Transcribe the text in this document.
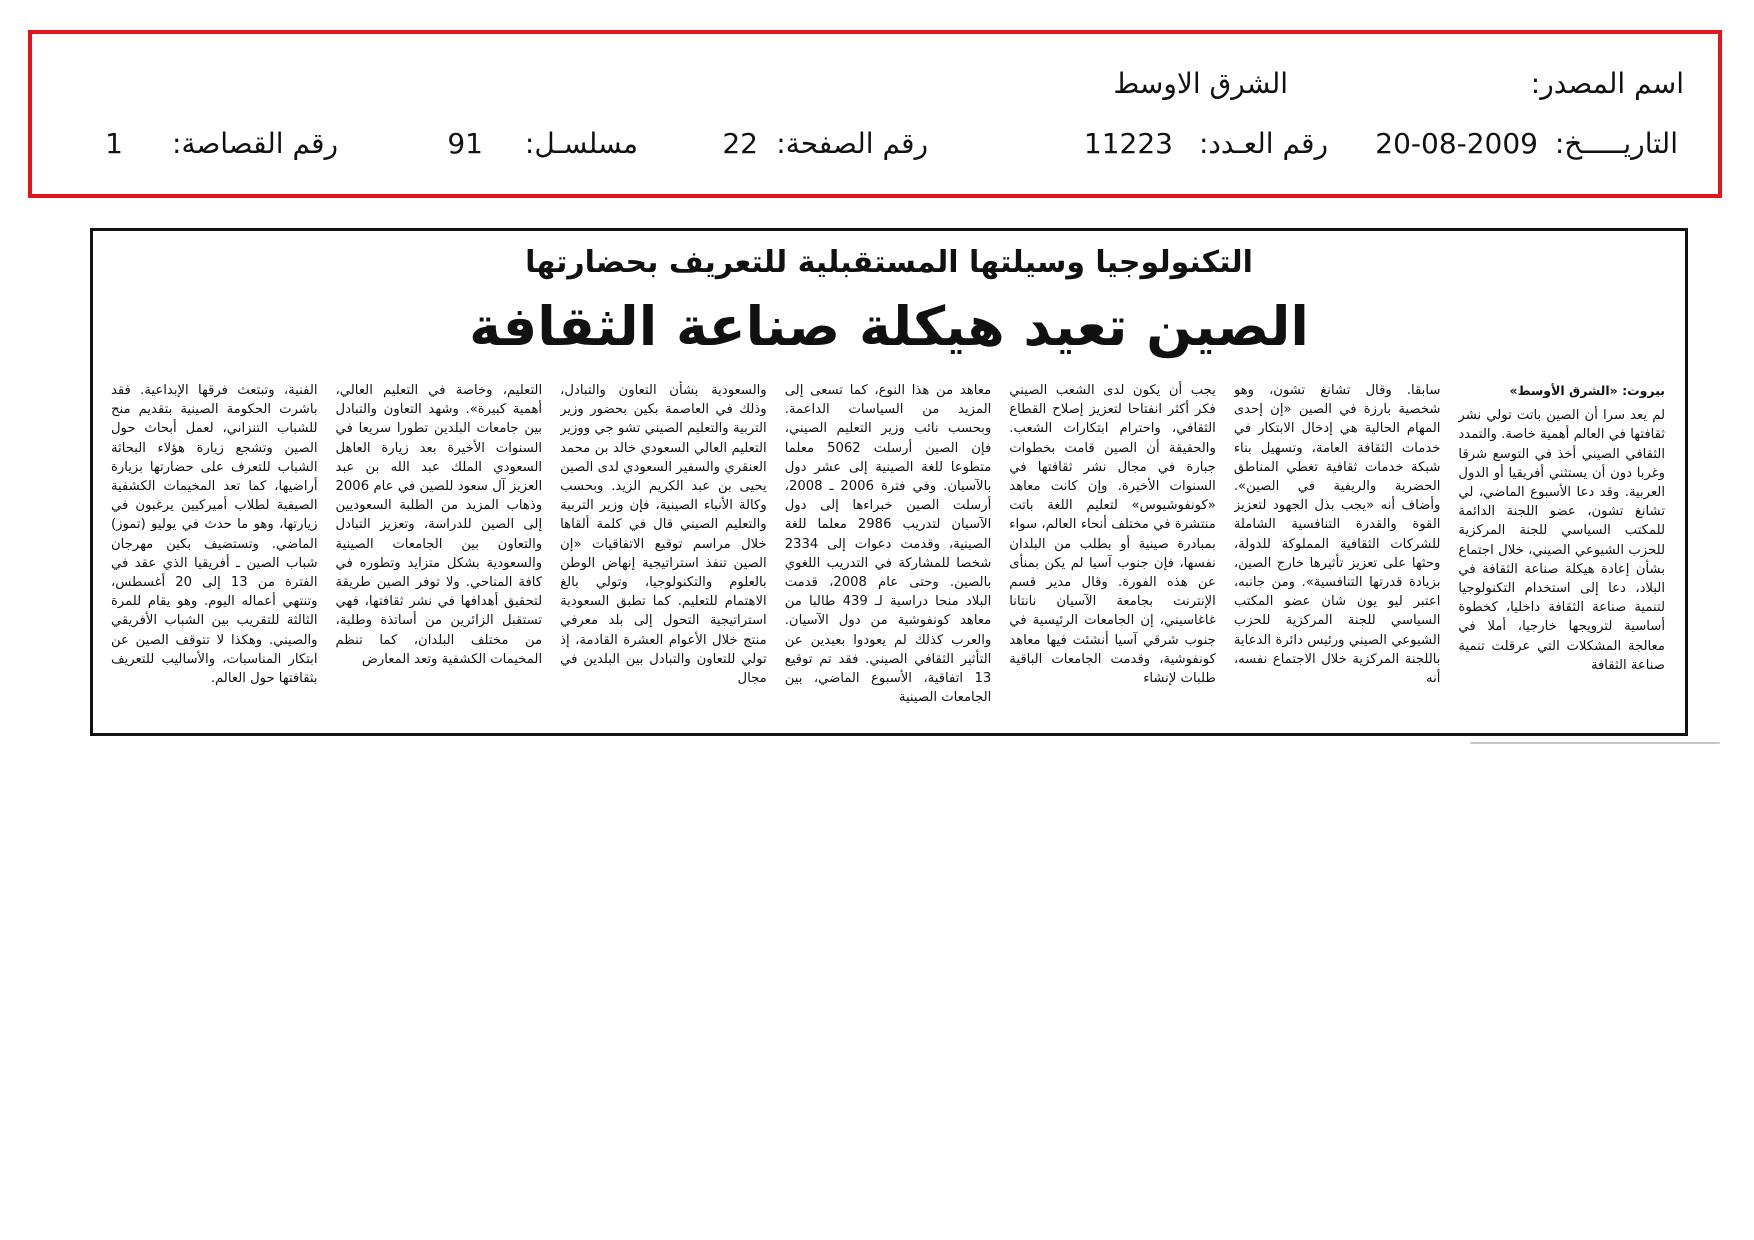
اسم المصدر:
الشرق الاوسط
التاريـــــخ:
20-08-2009
رقم العـدد:
11223
رقم الصفحة:
22
مسلسـل:
91
رقم القصاصة:
1
التكنولوجيا وسيلتها المستقبلية للتعريف بحضارتها
الصين تعيد هيكلة صناعة الثقافة
بيروت: «الشرق الأوسط»

لم يعد سرا أن الصين باتت تولي نشر ثقافتها في العالم أهمية خاصة. والتمدد الثقافي الصيني أخذ في التوسع شرقا وغربا دون أن يستثني أفريقيا أو الدول العربية. وقد دعا الأسبوع الماضي، لي تشانغ تشون، عضو اللجنة الدائمة للمكتب السياسي للجنة المركزية للحزب الشيوعي الصيني، خلال اجتماع بشأن إعادة هيكلة صناعة الثقافة في البلاد، دعا إلى استخدام التكنولوجيا لتنمية صناعة الثقافة داخليا، كخطوة أساسية لترويجها خارجيا، أملا في معالجة المشكلات التي عرقلت تنمية صناعة الثقافة

سابقا. وقال تشانغ تشون، وهو شخصية بارزة في الصين «إن إحدى المهام الحالية هي إدخال الابتكار في خدمات الثقافة العامة، وتسهيل بناء شبكة خدمات ثقافية تغطي المناطق الحضرية والريفية في الصين». وأضاف أنه «يجب بذل الجهود لتعزيز القوة والقدرة التنافسية الشاملة للشركات الثقافية المملوكة للدولة، وحثها على تعزيز تأثيرها خارج الصين، بزيادة قدرتها التنافسية». ومن جانبه، اعتبر ليو يون شان عضو المكتب السياسي للجنة المركزية للحزب الشيوعي الصيني ورئيس دائرة الدعاية باللجنة المركزية خلال الاجتماع نفسه، أنه

يجب أن يكون لدى الشعب الصيني فكر أكثر انفتاحا لتعزيز إصلاح القطاع الثقافي، واحترام ابتكارات الشعب. والحقيقة أن الصين قامت بخطوات جبارة في مجال نشر ثقافتها في السنوات الأخيرة. وإن كانت معاهد «كونفوشيوس» لتعليم اللغة باتت منتشرة في مختلف أنحاء العالم، سواء بمبادرة صينية أو بطلب من البلدان نفسها، فإن جنوب آسيا لم يكن بمنأى عن هذه الفورة. وقال مدير قسم الإنترنت بجامعة الآسيان نانتانا غاغاسيني، إن الجامعات الرئيسية في جنوب شرقي آسيا أنشئت فيها معاهد كونفوشية، وقدمت الجامعات الباقية طلبات لإنشاء

معاهد من هذا النوع، كما تسعى إلى المزيد من السياسات الداعمة. وبحسب نائب وزير التعليم الصيني، فإن الصين أرسلت 5062 معلما متطوعا للغة الصينية إلى عشر دول بالآسيان. وفي فترة 2006 ـ 2008، أرسلت الصين خبراءها إلى دول الآسيان لتدريب 2986 معلما للغة الصينية، وقدمت دعوات إلى 2334 شخصا للمشاركة في التدريب اللغوي بالصين. وحتى عام 2008، قدمت البلاد منحا دراسية لـ 439 طالبا من معاهد كونفوشية من دول الآسيان. والعرب كذلك لم يعودوا بعيدين عن التأثير الثقافي الصيني. فقد تم توقيع 13 اتفاقية، الأسبوع الماضي، بين الجامعات الصينية

والسعودية بشأن التعاون والتبادل، وذلك في العاصمة بكين بحضور وزير التربية والتعليم الصيني تشو جي ووزير التعليم العالي السعودي خالد بن محمد العنقري والسفير السعودي لدى الصين يحيى بن عبد الكريم الزيد. وبحسب وكالة الأنباء الصينية، فإن وزير التربية والتعليم الصيني قال في كلمة ألقاها خلال مراسم توقيع الاتفاقيات «إن الصين تنفذ استراتيجية إنهاض الوطن بالعلوم والتكنولوجيا، وتولي بالغ الاهتمام للتعليم. كما تطبق السعودية استراتيجية التحول إلى بلد معرفي منتج خلال الأعوام العشرة القادمة، إذ تولي للتعاون والتبادل بين البلدين في مجال

التعليم، وخاصة في التعليم العالي، أهمية كبيرة». وشهد التعاون والتبادل بين جامعات البلدين تطورا سريعا في السنوات الأخيرة بعد زيارة العاهل السعودي الملك عبد الله بن عبد العزيز آل سعود للصين في عام 2006 وذهاب المزيد من الطلبة السعوديين إلى الصين للدراسة، وتعزيز التبادل والتعاون بين الجامعات الصينية والسعودية بشكل متزايد وتطوره في كافة المناحي. ولا توفر الصين طريقة لتحقيق أهدافها في نشر ثقافتها، فهي تستقبل الزائرين من أساتذة وطلبة، من مختلف البلدان، كما تنظم المخيمات الكشفية وتعد المعارض

الفنية، وتبتعث فرقها الإبداعية. فقد باشرت الحكومة الصينية بتقديم منح للشباب التنزاني، لعمل أبحاث حول الصين وتشجع زيارة هؤلاء البحاثة الشباب للتعرف على حضارتها بزيارة أراضيها، كما تعد المخيمات الكشفية الصيفية لطلاب أميركيين يرغبون في زيارتها، وهو ما حدث في يوليو (تموز) الماضي. وتستضيف بكين مهرجان شباب الصين ـ أفريقيا الذي عقد في الفترة من 13 إلى 20 أغسطس، وتنتهي أعماله اليوم. وهو يقام للمرة الثالثة للتقريب بين الشباب الأفريقي والصيني. وهكذا لا تتوقف الصين عن ابتكار المناسبات، والأساليب للتعريف بثقافتها حول العالم.
